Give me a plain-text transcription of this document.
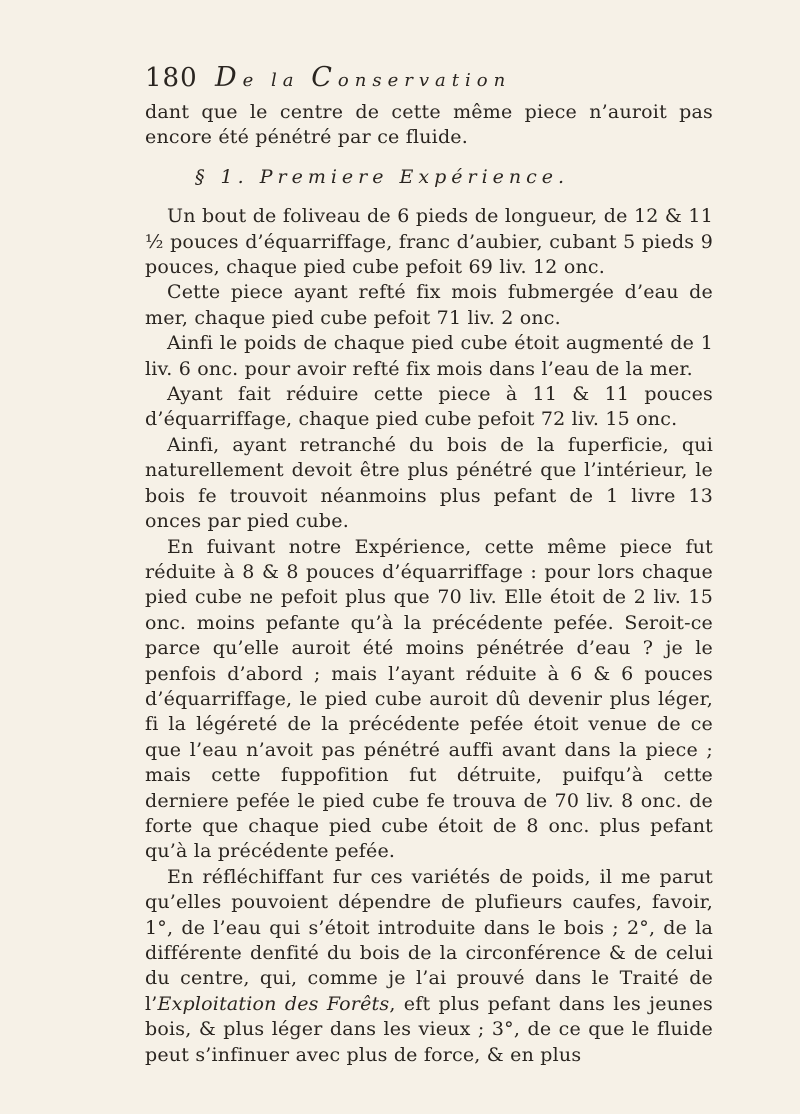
180 De la Conservation

dant que le centre de cette même piece n’auroit pas encore été pénétré par ce fluide.

§ 1. Premiere Expérience.

Un bout de foliveau de 6 pieds de longueur, de 12 & 11 ½ pouces d’équarriffage, franc d’aubier, cubant 5 pieds 9 pouces, chaque pied cube pefoit 69 liv. 12 onc.

Cette piece ayant refté fix mois fubmergée d’eau de mer, chaque pied cube pefoit 71 liv. 2 onc.

Ainfi le poids de chaque pied cube étoit augmenté de 1 liv. 6 onc. pour avoir refté fix mois dans l’eau de la mer.

Ayant fait réduire cette piece à 11 & 11 pouces d’équarriffage, chaque pied cube pefoit 72 liv. 15 onc.

Ainfi, ayant retranché du bois de la fuperficie, qui naturellement devoit être plus pénétré que l’intérieur, le bois fe trouvoit néanmoins plus pefant de 1 livre 13 onces par pied cube.

En fuivant notre Expérience, cette même piece fut réduite à 8 & 8 pouces d’équarriffage : pour lors chaque pied cube ne pefoit plus que 70 liv. Elle étoit de 2 liv. 15 onc. moins pefante qu’à la précédente pefée. Seroit-ce parce qu’elle auroit été moins pénétrée d’eau ? je le penfois d’abord ; mais l’ayant réduite à 6 & 6 pouces d’équarriffage, le pied cube auroit dû devenir plus léger, fi la légéreté de la précédente pefée étoit venue de ce que l’eau n’avoit pas pénétré auffi avant dans la piece ; mais cette fuppofition fut détruite, puifqu’à cette derniere pefée le pied cube fe trouva de 70 liv. 8 onc. de forte que chaque pied cube étoit de 8 onc. plus pefant qu’à la précédente pefée.

En réfléchiffant fur ces variétés de poids, il me parut qu’elles pouvoient dépendre de plufieurs caufes, favoir, 1°, de l’eau qui s’étoit introduite dans le bois ; 2°, de la différente denfité du bois de la circonférence & de celui du centre, qui, comme je l’ai prouvé dans le Traité de l’Exploitation des Forêts, eft plus pefant dans les jeunes bois, & plus léger dans les vieux ; 3°, de ce que le fluide peut s’infinuer avec plus de force, & en plus
